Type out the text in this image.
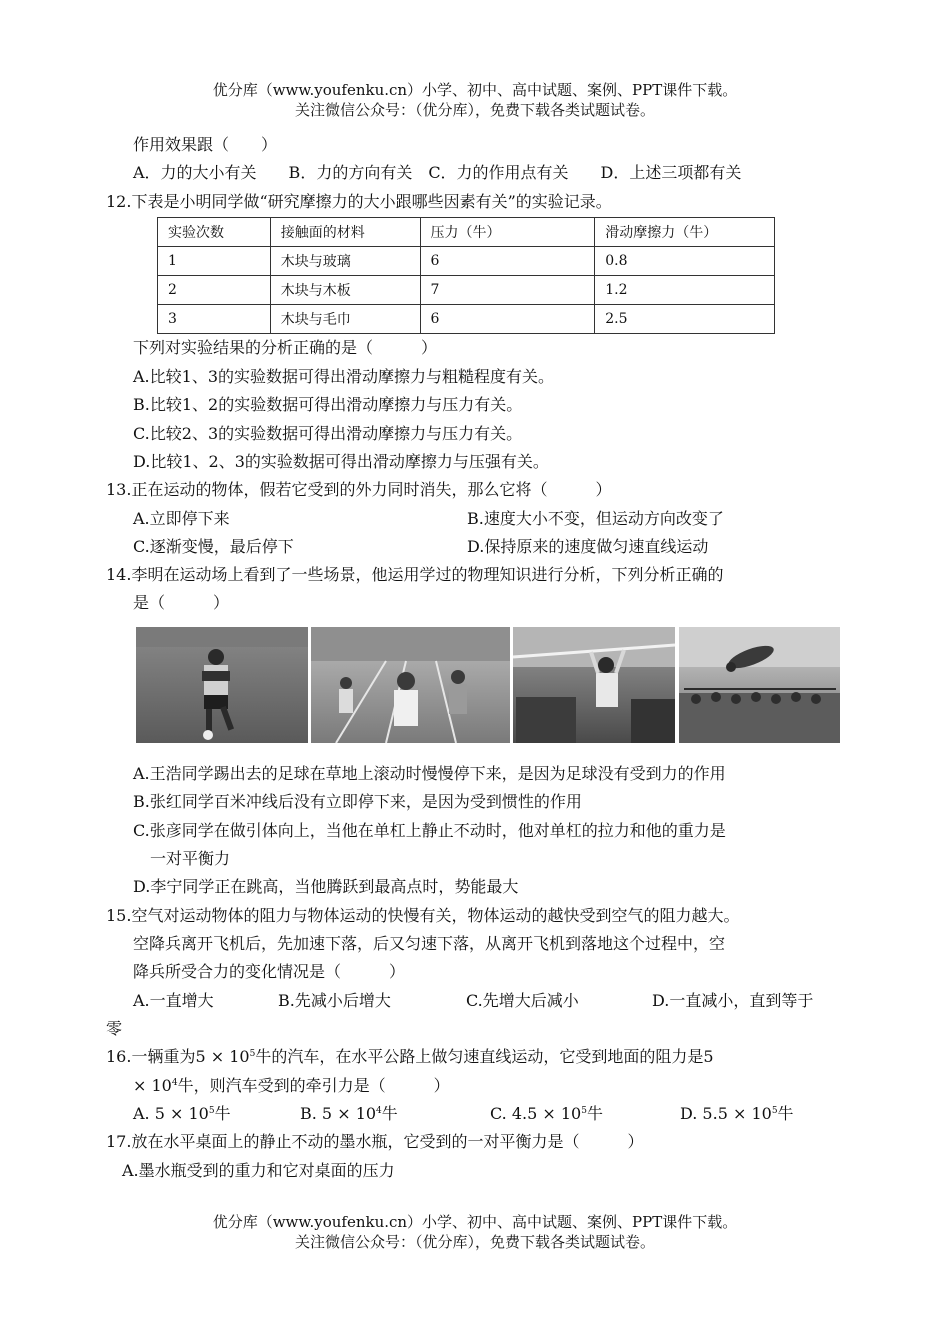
优分库（www.youfenku.cn）小学、初中、高中试题、案例、PPT课件下载。
关注微信公众号：（优分库），免费下载各类试题试卷。
作用效果跟（　　）
A．力的大小有关　　B．力的方向有关　C．力的作用点有关　　D．上述三项都有关
12.下表是小明同学做“研究摩擦力的大小跟哪些因素有关”的实验记录。
实验次数	接触面的材料	压力（牛）	滑动摩擦力（牛）
1	木块与玻璃	6	0.8
2	木块与木板	7	1.2
3	木块与毛巾	6	2.5
下列对实验结果的分析正确的是（　　　）
A.比较1、3的实验数据可得出滑动摩擦力与粗糙程度有关。
B.比较1、2的实验数据可得出滑动摩擦力与压力有关。
C.比较2、3的实验数据可得出滑动摩擦力与压力有关。
D.比较1、2、3的实验数据可得出滑动摩擦力与压强有关。
13.正在运动的物体，假若它受到的外力同时消失，那么它将（　　　）
A.立即停下来	B.速度大小不变，但运动方向改变了
C.逐渐变慢，最后停下	D.保持原来的速度做匀速直线运动
14.李明在运动场上看到了一些场景，他运用学过的物理知识进行分析，下列分析正确的
是（　　　）
A.王浩同学踢出去的足球在草地上滚动时慢慢停下来，是因为足球没有受到力的作用
B.张红同学百米冲线后没有立即停下来，是因为受到惯性的作用
C.张彦同学在做引体向上，当他在单杠上静止不动时，他对单杠的拉力和他的重力是
一对平衡力
D.李宁同学正在跳高，当他腾跃到最高点时，势能最大
15.空气对运动物体的阻力与物体运动的快慢有关，物体运动的越快受到空气的阻力越大。
空降兵离开飞机后，先加速下落，后又匀速下落，从离开飞机到落地这个过程中，空
降兵所受合力的变化情况是（　　　）
A.一直增大	B.先减小后增大	C.先增大后减小	D.一直减小，直到等于
零
16.一辆重为$5 \times 10^5$牛的汽车，在水平公路上做匀速直线运动，它受到地面的阻力是5
× $10^4$牛，则汽车受到的牵引力是（　　　）
A. $5 \times 10^5$牛	B. $5 \times 10^4$牛	C. $4.5 \times 10^5$牛	D. $5.5 \times 10^5$牛
17.放在水平桌面上的静止不动的墨水瓶，它受到的一对平衡力是（　　　）
A.墨水瓶受到的重力和它对桌面的压力
优分库（www.youfenku.cn）小学、初中、高中试题、案例、PPT课件下载。
关注微信公众号：（优分库），免费下载各类试题试卷。
